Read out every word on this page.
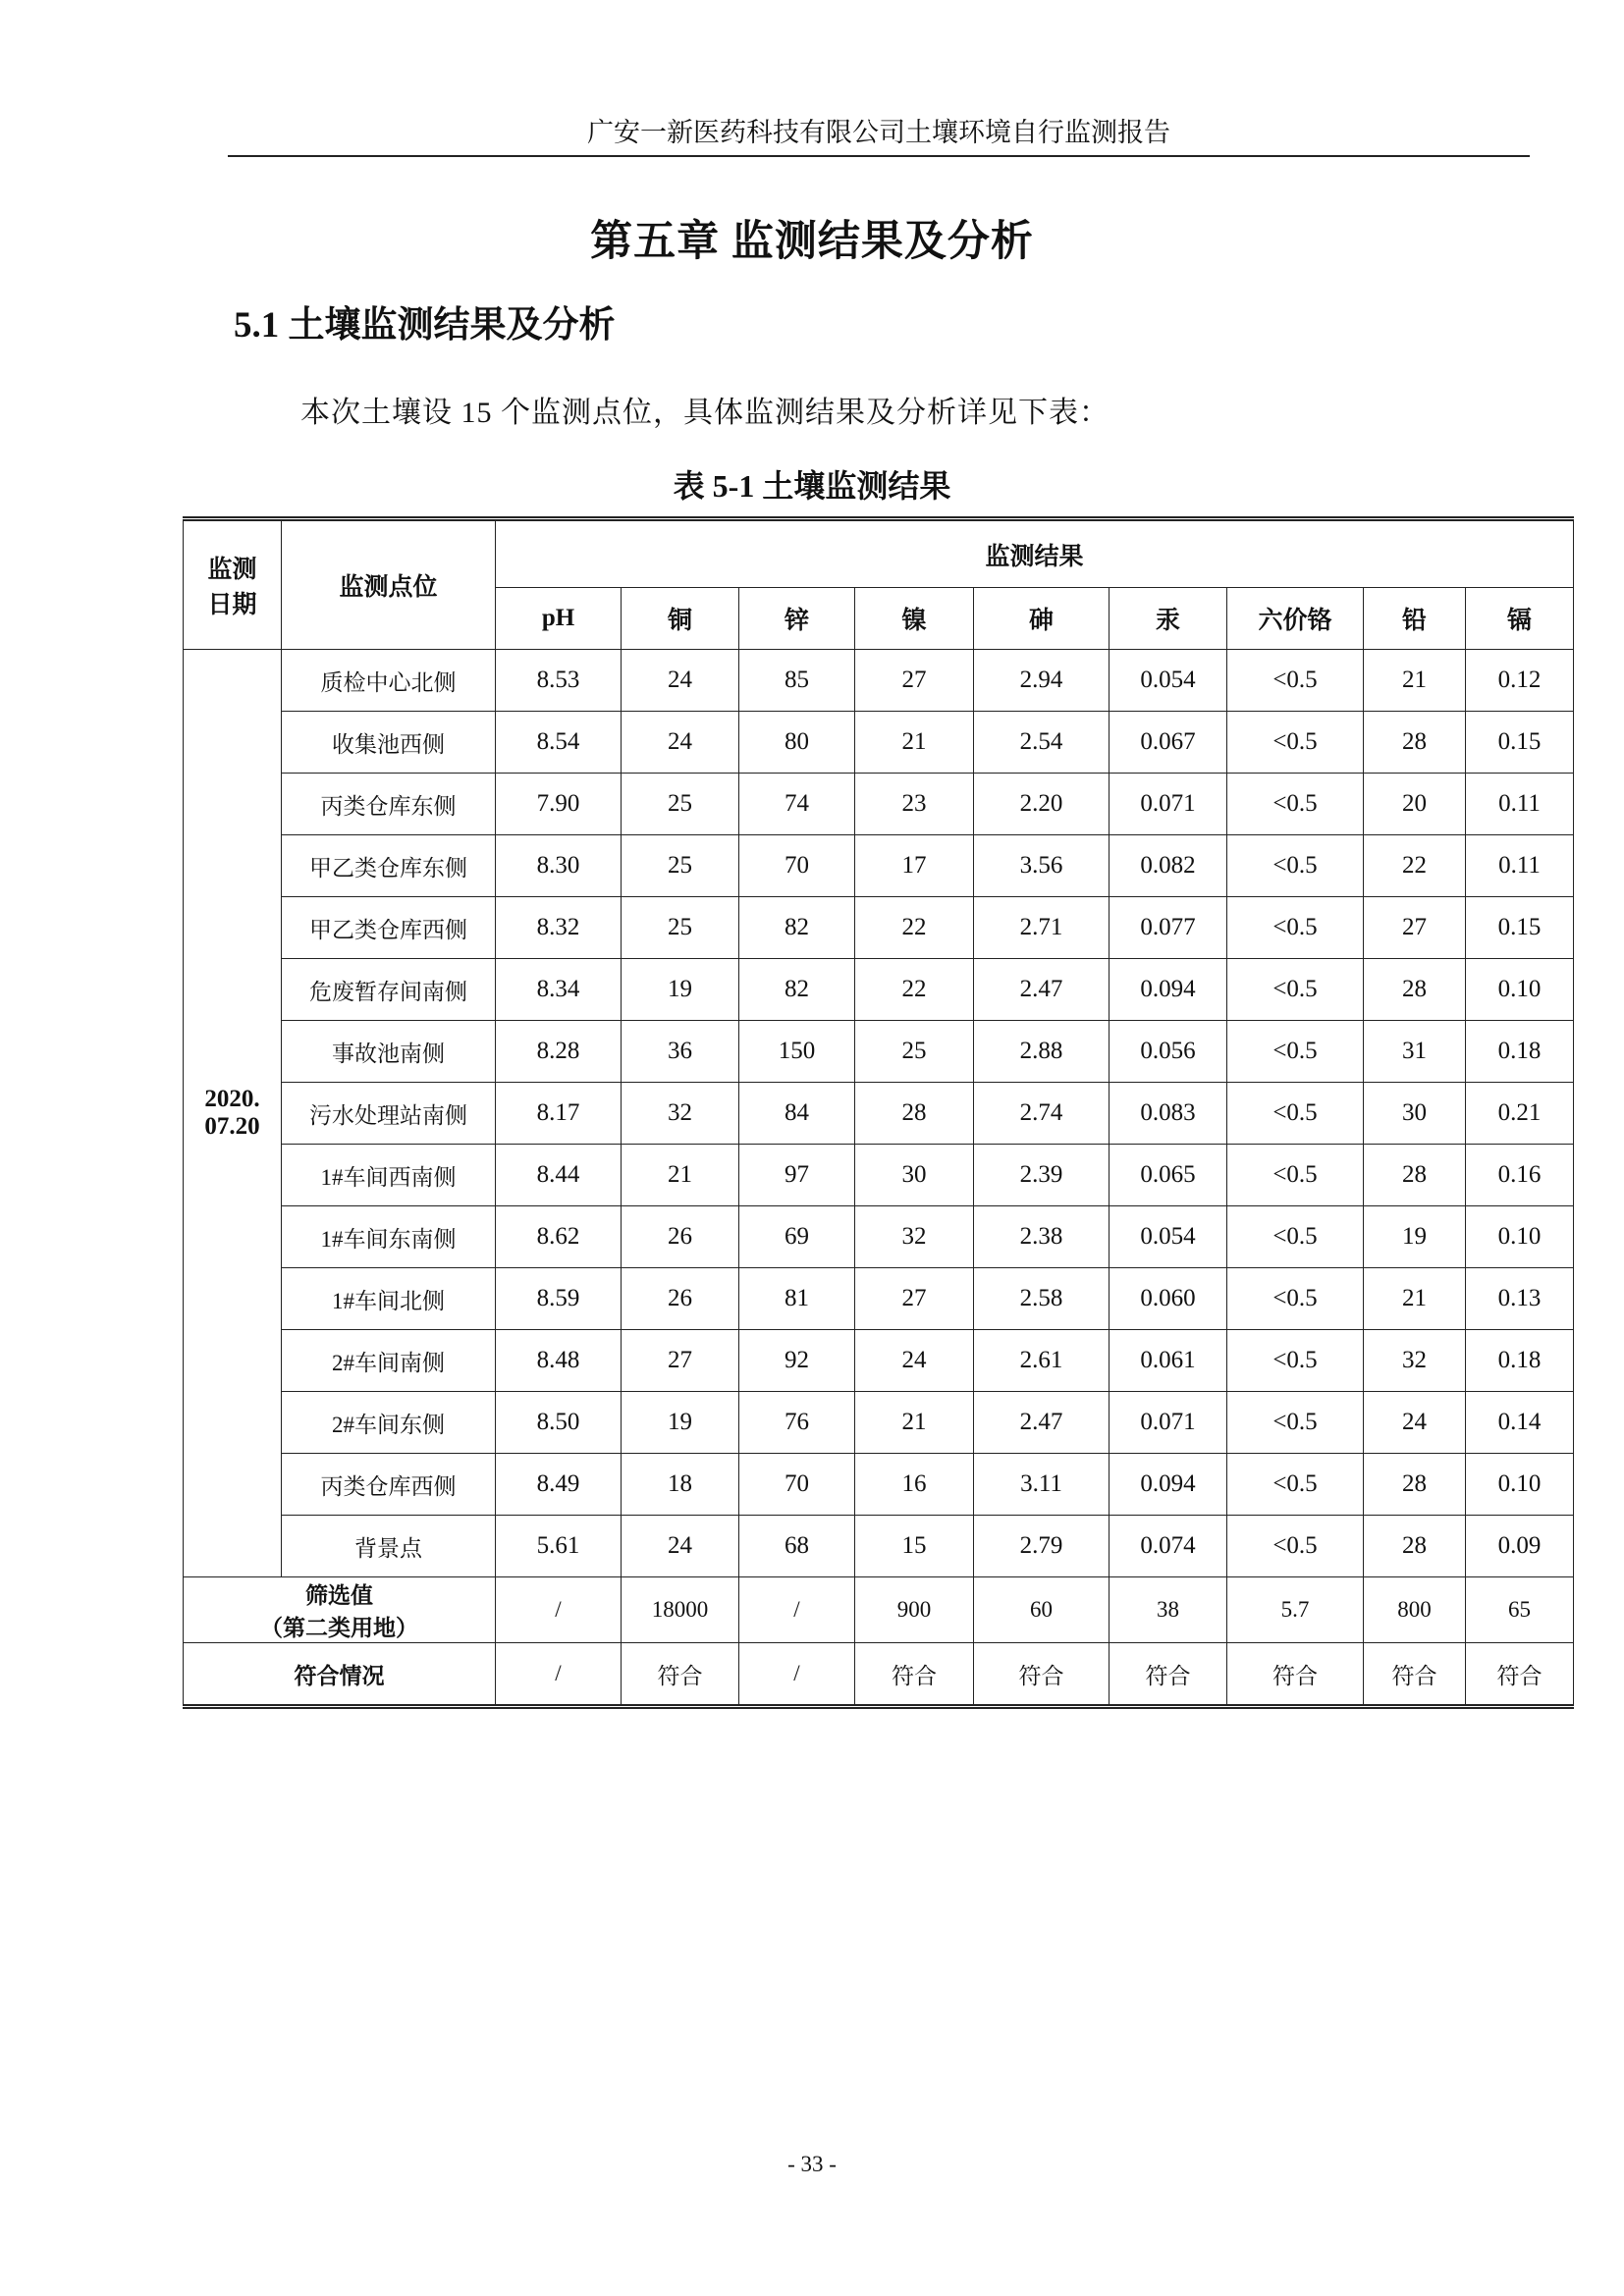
广安一新医药科技有限公司土壤环境自行监测报告
第五章 监测结果及分析
5.1 土壤监测结果及分析
本次土壤设 15 个监测点位，具体监测结果及分析详见下表：
表 5-1 土壤监测结果
监测
日期	监测点位	监测结果								
		pH	铜	锌	镍	砷	汞	六价铬	铅	镉

2020.
07.20	质检中心北侧	8.53	24	85	27	2.94	0.054	<0.5	21	0.12
	收集池西侧	8.54	24	80	21	2.54	0.067	<0.5	28	0.15
	丙类仓库东侧	7.90	25	74	23	2.20	0.071	<0.5	20	0.11
	甲乙类仓库东侧	8.30	25	70	17	3.56	0.082	<0.5	22	0.11
	甲乙类仓库西侧	8.32	25	82	22	2.71	0.077	<0.5	27	0.15
	危废暂存间南侧	8.34	19	82	22	2.47	0.094	<0.5	28	0.10
	事故池南侧	8.28	36	150	25	2.88	0.056	<0.5	31	0.18
	污水处理站南侧	8.17	32	84	28	2.74	0.083	<0.5	30	0.21
	1#车间西南侧	8.44	21	97	30	2.39	0.065	<0.5	28	0.16
	1#车间东南侧	8.62	26	69	32	2.38	0.054	<0.5	19	0.10
	1#车间北侧	8.59	26	81	27	2.58	0.060	<0.5	21	0.13
	2#车间南侧	8.48	27	92	24	2.61	0.061	<0.5	32	0.18
	2#车间东侧	8.50	19	76	21	2.47	0.071	<0.5	24	0.14
	丙类仓库西侧	8.49	18	70	16	3.11	0.094	<0.5	28	0.10
	背景点	5.61	24	68	15	2.79	0.074	<0.5	28	0.09

筛选值
（第二类用地）		/	18000	/	900	60	38	5.7	800	65
符合情况		/	符合	/	符合	符合	符合	符合	符合	符合
- 33 -
